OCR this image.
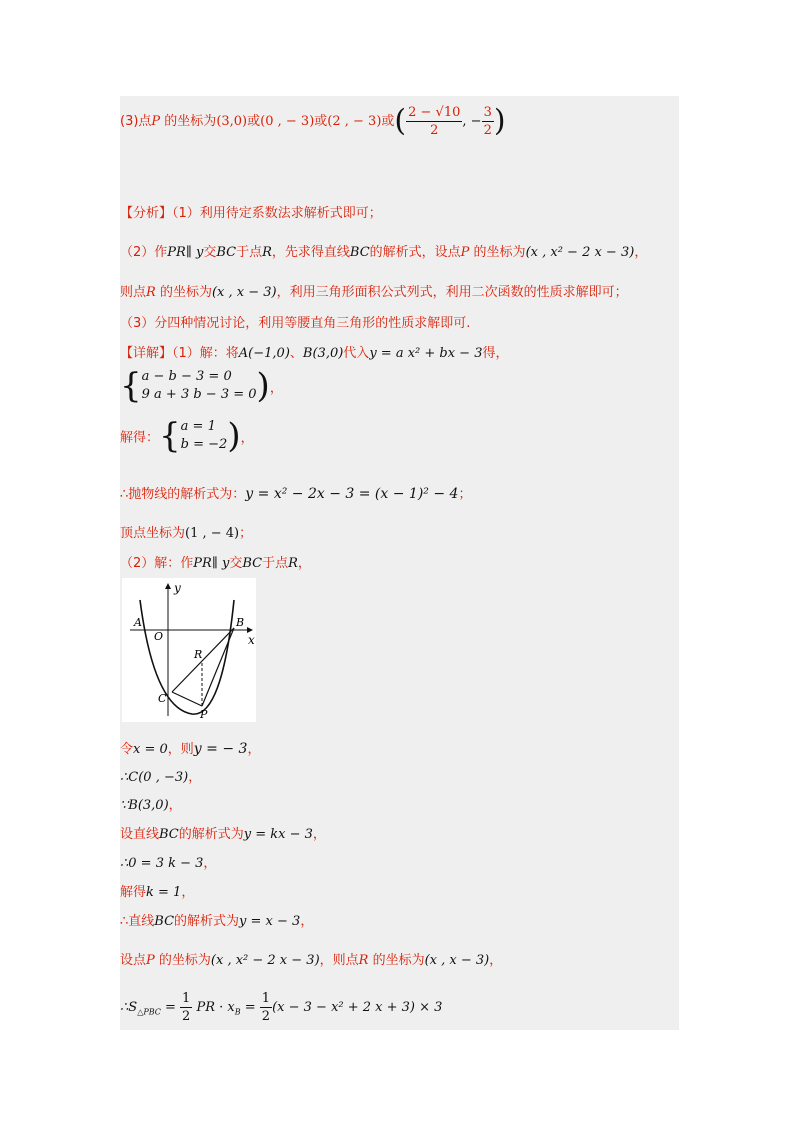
(3)点P 的坐标为(3,0)或(0 , − 3)或(2 , − 3)或( $\frac{2 - √10}{2}$ , − $\frac{3}{2}$ )
【分析】（1）利用待定系数法求解析式即可；
（2）作PR∥ y交BC于点R，先求得直线BC的解析式，设点P 的坐标为(x , x² − 2 x − 3)，
则点R 的坐标为(x , x − 3)，利用三角形面积公式列式，利用二次函数的性质求解即可；
（3）分四种情况讨论，利用等腰直角三角形的性质求解即可.
【详解】（1）解：将A(−1,0)、B(3,0)代入y = a x² + bx − 3得，
{ a − b − 3 = 0
9 a + 3 b − 3 = 0 ) ，
解得： { a = 1
b = −2 ) ，
∴抛物线的解析式为：y = x² − 2x − 3 = (x − 1)² − 4；
顶点坐标为(1 , − 4)；
（2）解：作PR∥ y交BC于点R，
y
x
A
O
B
R
C
P
令x = 0，则y = − 3，
∴C(0 , −3)，
∵B(3,0)，
设直线BC的解析式为y = kx − 3，
∴0 = 3 k − 3，
解得k = 1，
∴直线BC的解析式为y = x − 3，
设点P 的坐标为(x , x² − 2 x − 3)，则点R 的坐标为(x , x − 3)，
$\therefore S_{\triangle PBC} = \frac{1}{2}$ PR · $x_B = \frac{1}{2} (x - 3 - x^2 + 2$ x + 3) × 3
